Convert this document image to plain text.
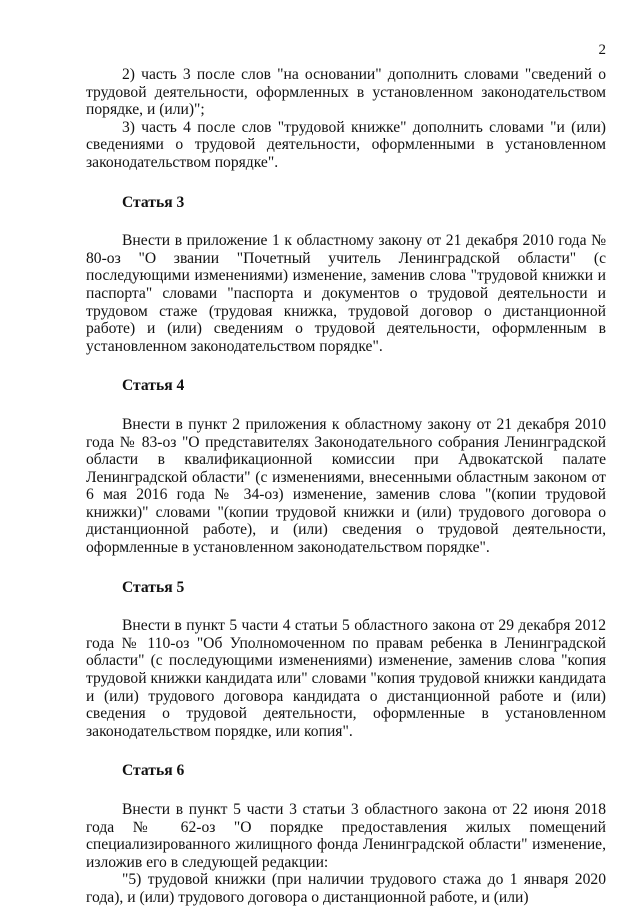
2

2) часть 3 после слов "на основании" дополнить словами "сведений о трудовой деятельности, оформленных в установленном законодательством порядке, и (или)";

3) часть 4 после слов "трудовой книжке" дополнить словами "и (или) сведениями о трудовой деятельности, оформленными в установленном законодательством порядке".

Статья 3

Внести в приложение 1 к областному закону от 21 декабря 2010 года № 80-оз "О звании "Почетный учитель Ленинградской области" (с последующими изменениями) изменение, заменив слова "трудовой книжки и паспорта" словами "паспорта и документов о трудовой деятельности и трудовом стаже (трудовая книжка, трудовой договор о дистанционной работе) и (или) сведениям о трудовой деятельности, оформленным в установленном законодательством порядке".

Статья 4

Внести в пункт 2 приложения к областному закону от 21 декабря 2010 года № 83-оз "О представителях Законодательного собрания Ленинградской области в квалификационной комиссии при Адвокатской палате Ленинградской области" (с изменениями, внесенными областным законом от 6 мая 2016 года № 34-оз) изменение, заменив слова "(копии трудовой книжки)" словами "(копии трудовой книжки и (или) трудового договора о дистанционной работе), и (или) сведения о трудовой деятельности, оформленные в установленном законодательством порядке".

Статья 5

Внести в пункт 5 части 4 статьи 5 областного закона от 29 декабря 2012 года № 110-оз "Об Уполномоченном по правам ребенка в Ленинградской области" (с последующими изменениями) изменение, заменив слова "копия трудовой книжки кандидата или" словами "копия трудовой книжки кандидата и (или) трудового договора кандидата о дистанционной работе и (или) сведения о трудовой деятельности, оформленные в установленном законодательством порядке, или копия".

Статья 6

Внести в пункт 5 части 3 статьи 3 областного закона от 22 июня 2018 года № 62-оз "О порядке предоставления жилых помещений специализированного жилищного фонда Ленинградской области" изменение, изложив его в следующей редакции:

"5) трудовой книжки (при наличии трудового стажа до 1 января 2020 года), и (или) трудового договора о дистанционной работе, и (или)
